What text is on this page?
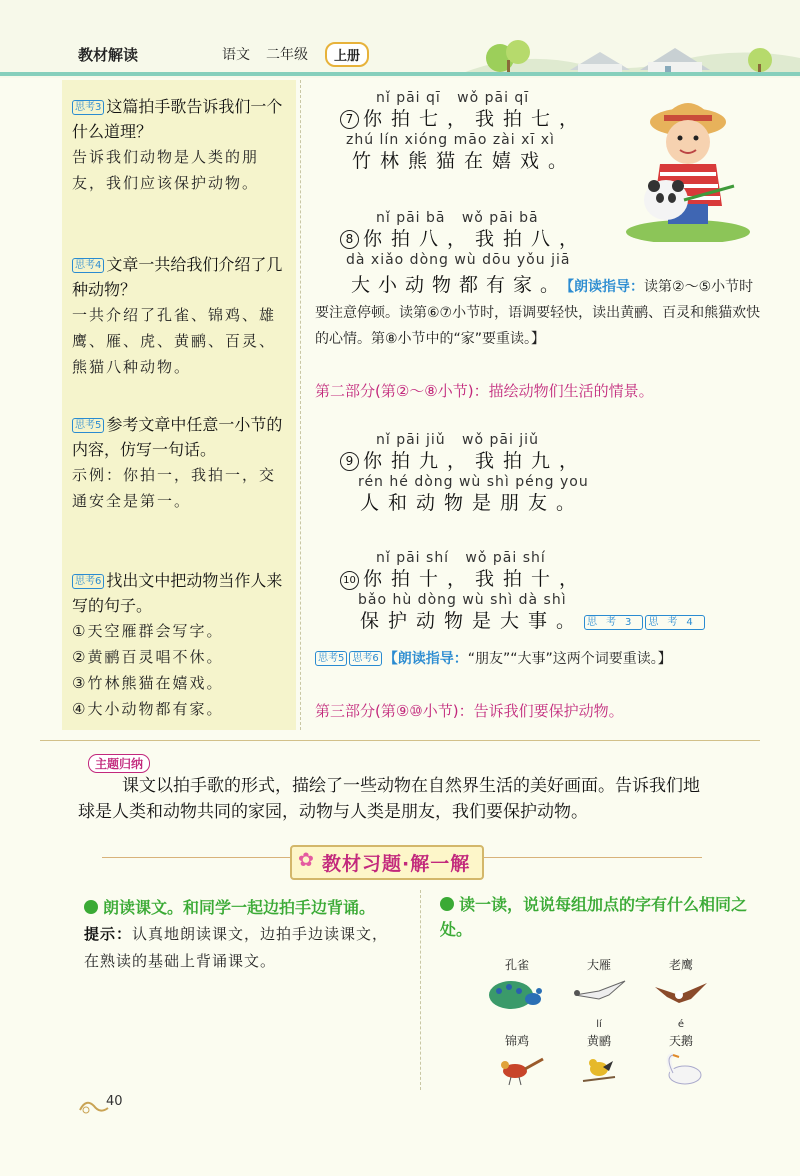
教材解读	语文 二年级	上册
思考3 这篇拍手歌告诉我们一个什么道理？
告诉我们动物是人类的朋友，我们应该保护动物。
思考4 文章一共给我们介绍了几种动物？
一共介绍了孔雀、锦鸡、雄鹰、雁、虎、黄鹂、百灵、熊猫八种动物。
思考5 参考文章中任意一小节的内容，仿写一句话。
示例：你拍一，我拍一，交通安全是第一。
思考6 找出文中把动物当作人来写的句子。
①天空雁群会写字。
②黄鹂百灵唱不休。
③竹林熊猫在嬉戏。
④大小动物都有家。
nǐ pāi qī   wǒ pāi qī
7 你拍七，我拍七，
zhú lín xióng māo zài xī xì
竹林熊猫在嬉戏。
nǐ pāi bā   wǒ pāi bā
8 你拍八，我拍八，
dà xiǎo dòng wù dōu yǒu jiā
大小动物都有家。【朗读指导：读第②～⑤小节时要注意停顿。读第⑥⑦小节时，语调要轻快，读出黄鹂、百灵和熊猫欢快的心情。第⑧小节中的“家”要重读。】
第二部分(第②～⑧小节)：描绘动物们生活的情景。
nǐ pāi jiǔ   wǒ pāi jiǔ
9 你拍九，我拍九，
rén hé dòng wù shì péng you
人和动物是朋友。
nǐ pāi shí   wǒ pāi shí
10 你拍十，我拍十，
bǎo hù dòng wù shì dà shì
保护动物是大事。 思考3 思考4
思考5 思考6 【朗读指导：“朋友”“大事”这两个词要重读。】
第三部分(第⑨⑩小节)：告诉我们要保护动物。
主题归纳
课文以拍手歌的形式，描绘了一些动物在自然界生活的美好画面。告诉我们地
球是人类和动物共同的家园，动物与人类是朋友，我们要保护动物。
✿ 教材习题·解一解
朗读课文。和同学一起边拍手边背诵。
提示：认真地朗读课文，边拍手边读课文，在熟读的基础上背诵课文。
读一读，说说每组加点的字有什么相同之处。
孔雀	大雁	老鹰
锦鸡
lí
黄鹂
é
天鹅
40
